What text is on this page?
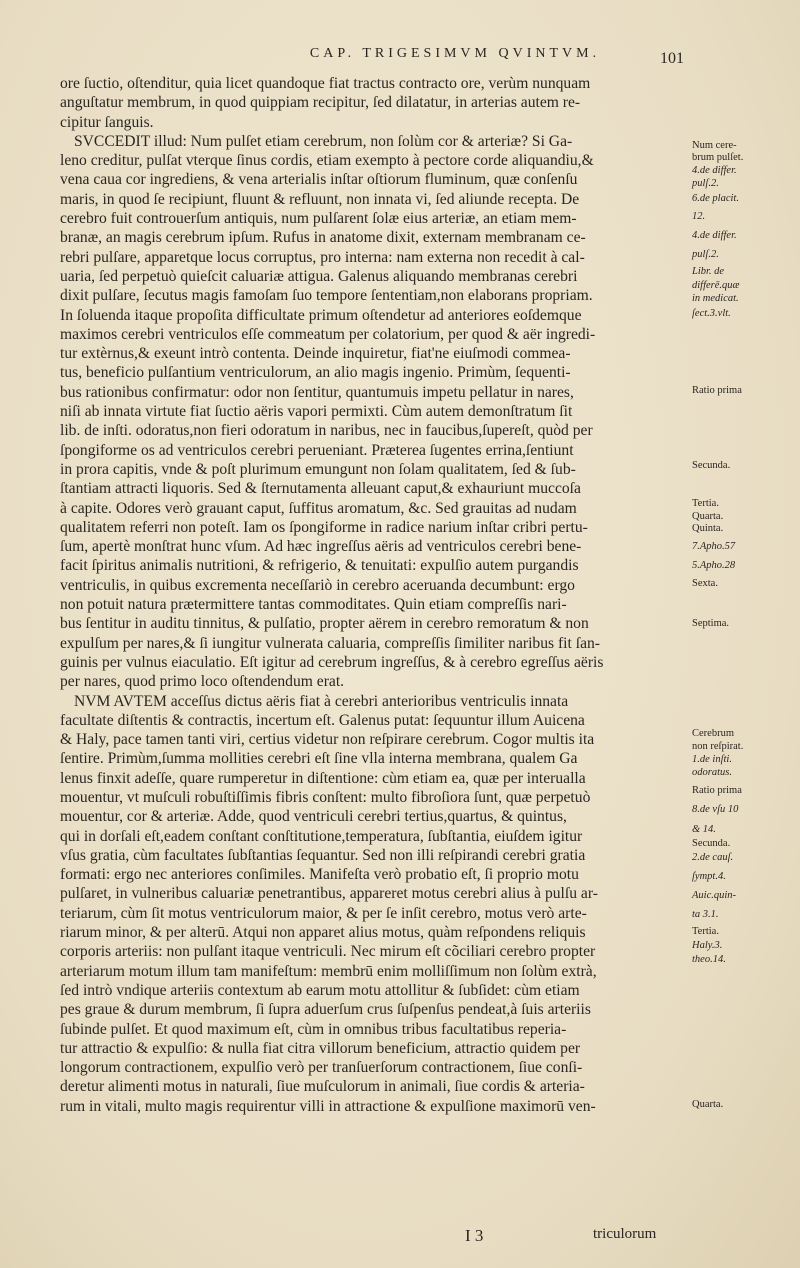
CAP. TRIGESIMVM QVINTVM.	101
ore ſuctio, oſtenditur, quia licet quandoque fiat tractus contracto ore, verùm nunquam
anguſtatur membrum, in quod quippiam recipitur, ſed dilatatur, in arterias autem re-
cipitur ſanguis.
SVCCEDIT illud: Num pulſet etiam cerebrum, non ſolùm cor & arteriæ? Si Ga-
leno creditur, pulſat vterque ſinus cordis, etiam exempto à pectore corde aliquandiu,&
vena caua cor ingrediens, & vena arterialis inſtar oſtiorum fluminum, quæ conſenſu
maris, in quod ſe recipiunt, fluunt & refluunt, non innata vi, ſed aliunde recepta. De
cerebro fuit controuerſum antiquis, num pulſarent ſolæ eius arteriæ, an etiam mem-
branæ, an magis cerebrum ipſum. Rufus in anatome dixit, externam membranam ce-
rebri pulſare, apparetque locus corruptus, pro interna: nam externa non recedit à cal-
uaria, ſed perpetuò quieſcit caluariæ attigua. Galenus aliquando membranas cerebri
dixit pulſare, ſecutus magis famoſam ſuo tempore ſententiam,non elaborans propriam.
In ſoluenda itaque propoſita difficultate primum oſtendetur ad anteriores eoſdemque
maximos cerebri ventriculos eſſe commeatum per colatorium, per quod & aër ingredi-
tur extèrnus,& exeunt intrò contenta. Deinde inquiretur, fiat'ne eiuſmodi commea-
tus, beneficio pulſantium ventriculorum, an alio magis ingenio. Primùm, ſequenti-
bus rationibus confirmatur: odor non ſentitur, quantumuis impetu pellatur in nares,
niſi ab innata virtute fiat ſuctio aëris vapori permixti. Cùm autem demonſtratum ſit
lib. de inſti. odoratus,non fieri odoratum in naribus, nec in faucibus,ſupereſt, quòd per
ſpongiforme os ad ventriculos cerebri perueniant. Præterea ſugentes errina,ſentiunt
in prora capitis, vnde & poſt plurimum emungunt non ſolam qualitatem, ſed & ſub-
ſtantiam attracti liquoris. Sed & ſternutamenta alleuant caput,& exhauriunt muccoſa
à capite. Odores verò grauant caput, ſuffitus aromatum, &c. Sed grauitas ad nudam
qualitatem referri non poteſt. Iam os ſpongiforme in radice narium inſtar cribri pertu-
ſum, apertè monſtrat hunc vſum. Ad hæc ingreſſus aëris ad ventriculos cerebri bene-
facit ſpiritus animalis nutritioni, & refrigerio, & tenuitati: expulſio autem purgandis
ventriculis, in quibus excrementa neceſſariò in cerebro aceruanda decumbunt: ergo
non potuit natura prætermittere tantas commoditates. Quin etiam compreſſis nari-
bus ſentitur in auditu tinnitus, & pulſatio, propter aërem in cerebro remoratum & non
expulſum per nares,& ſi iungitur vulnerata caluaria, compreſſis ſimiliter naribus fit ſan-
guinis per vulnus eiaculatio. Eſt igitur ad cerebrum ingreſſus, & à cerebro egreſſus aëris
per nares, quod primo loco oſtendendum erat.
NVM AVTEM acceſſus dictus aëris fiat à cerebri anterioribus ventriculis innata
facultate diſtentis & contractis, incertum eſt. Galenus putat: ſequuntur illum Auicena
& Haly, pace tamen tanti viri, certius videtur non reſpirare cerebrum. Cogor multis ita
ſentire. Primùm,ſumma mollities cerebri eſt ſine vlla interna membrana, qualem Ga
lenus finxit adeſſe, quare rumperetur in diſtentione: cùm etiam ea, quæ per interualla
mouentur, vt muſculi robuſtiſſimis fibris conſtent: multo fibroſiora ſunt, quæ perpetuò
mouentur, cor & arteriæ. Adde, quod ventriculi cerebri tertius,quartus, & quintus,
qui in dorſali eſt,eadem conſtant conſtitutione,temperatura, ſubſtantia, eiuſdem igitur
vſus gratia, cùm facultates ſubſtantias ſequantur. Sed non illi reſpirandi cerebri gratia
formati: ergo nec anteriores conſimiles. Manifeſta verò probatio eſt, ſi proprio motu
pulſaret, in vulneribus caluariæ penetrantibus, appareret motus cerebri alius à pulſu ar-
teriarum, cùm ſit motus ventriculorum maior, & per ſe inſit cerebro, motus verò arte-
riarum minor, & per alterū. Atqui non apparet alius motus, quàm reſpondens reliquis
corporis arteriis: non pulſant itaque ventriculi. Nec mirum eſt cõciliari cerebro propter
arteriarum motum illum tam manifeſtum: membrū enim molliſſimum non ſolùm extrà,
ſed intrò vndique arteriis contextum ab earum motu attollitur & ſubſidet: cùm etiam
pes graue & durum membrum, ſi ſupra aduerſum crus ſuſpenſus pendeat,à ſuis arteriis
ſubinde pulſet. Et quod maximum eſt, cùm in omnibus tribus facultatibus reperia-
tur attractio & expulſio: & nulla fiat citra villorum beneficium, attractio quidem per
longorum contractionem, expulſio verò per tranſuerſorum contractionem, ſiue conſi-
deretur alimenti motus in naturali, ſiue muſculorum in animali, ſiue cordis & arteria-
rum in vitali, multo magis requirentur villi in attractione & expulſione maximorū ven-
Num cere-
brum pulſet.
4.de differ.
pulſ.2.
6.de placit.
12.
4.de differ.
pulſ.2.
Libr. de
differē.quæ
in medicat.
ſect.3.vlt.
Ratio prima
Secunda.
Tertia.
Quarta.
Quinta.
7.Apho.57
5.Apho.28
Sexta.
Septima.
Cerebrum
non reſpirat.
1.de inſti.
odoratus.
Ratio prima
8.de vſu 10
& 14.
Secunda.
2.de cauſ.
ſympt.4.
Auic.quin-
ta 3.1.
Tertia.
Haly.3.
theo.14.
Quarta.
I 3	triculorum
